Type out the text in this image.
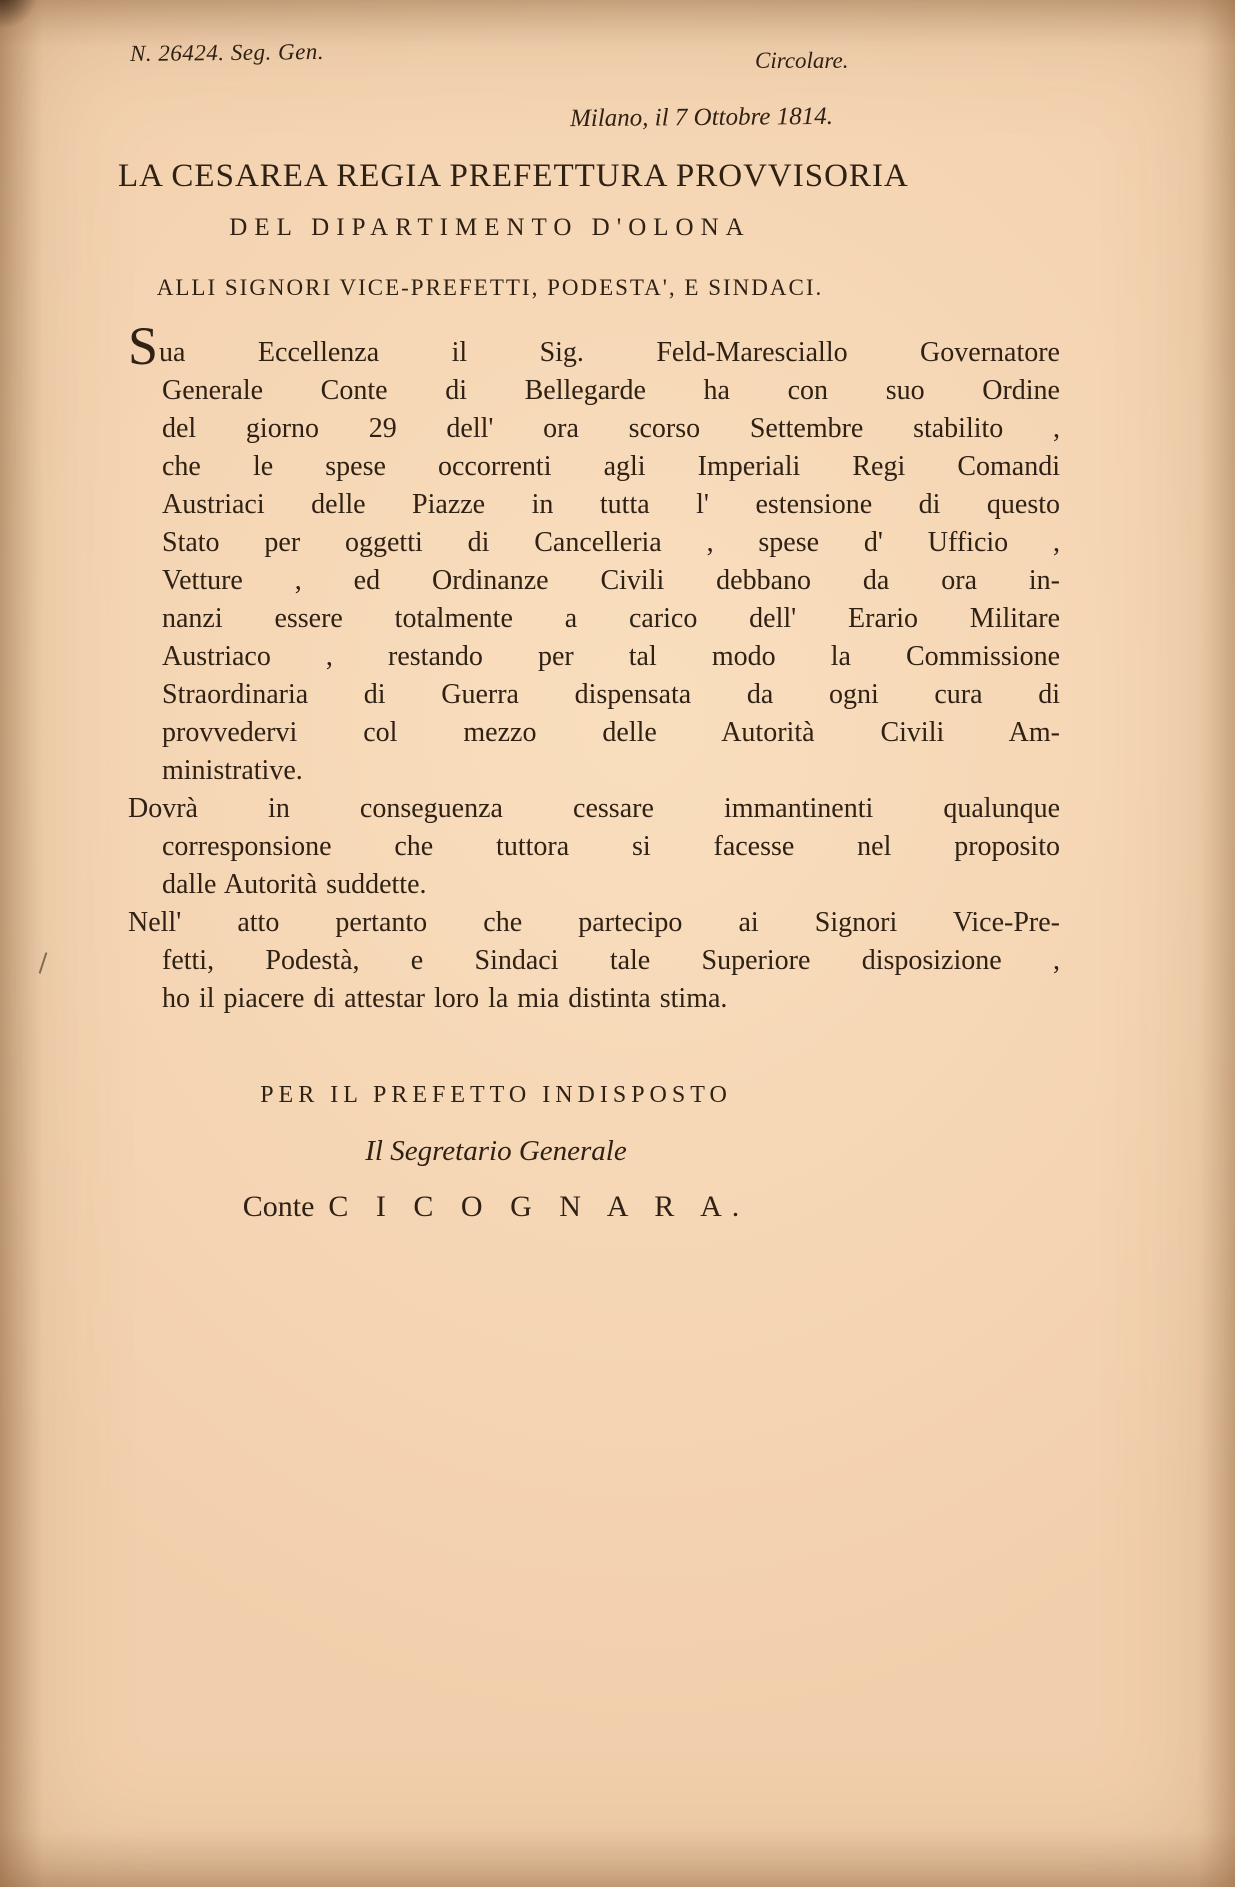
N. 26424. Seg. Gen.	Circolare.
Milano, il 7 Ottobre 1814.
LA CESAREA REGIA PREFETTURA PROVVISORIA
DEL DIPARTIMENTO D'OLONA
ALLI SIGNORI VICE-PREFETTI, PODESTA', E SINDACI.
Sua Eccellenza il Sig. Feld-Maresciallo Governatore
Generale Conte di Bellegarde ha con suo Ordine
del giorno 29 dell' ora scorso Settembre stabilito ,
che le spese occorrenti agli Imperiali Regi Comandi
Austriaci delle Piazze in tutta l' estensione di questo
Stato per oggetti di Cancelleria , spese d' Ufficio ,
Vetture , ed Ordinanze Civili debbano da ora in-
nanzi essere totalmente a carico dell' Erario Militare
Austriaco , restando per tal modo la Commissione
Straordinaria di Guerra dispensata da ogni cura di
provvedervi col mezzo delle Autorità Civili Am-
ministrative.
Dovrà in conseguenza cessare immantinenti qualunque
corresponsione che tuttora si facesse nel proposito
dalle Autorità suddette.
Nell' atto pertanto che partecipo ai Signori Vice-Pre-
fetti, Podestà, e Sindaci tale Superiore disposizione ,
ho il piacere di attestar loro la mia distinta stima.
PER IL PREFETTO INDISPOSTO
Il Segretario Generale
Conte C I C O G N A R A.
